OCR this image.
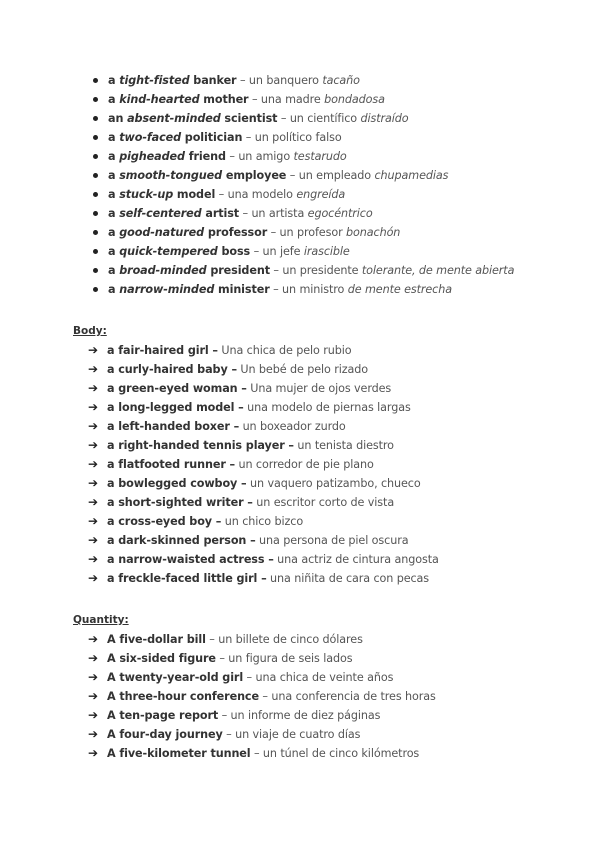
a tight-fisted banker – un banquero tacaño
a kind-hearted mother – una madre bondadosa
an absent-minded scientist – un científico distraído
a two-faced politician – un político falso
a pigheaded friend – un amigo testarudo
a smooth-tongued employee – un empleado chupamedias
a stuck-up model – una modelo engreída
a self-centered artist – un artista egocéntrico
a good-natured professor – un profesor bonachón
a quick-tempered boss – un jefe irascible
a broad-minded president – un presidente tolerante, de mente abierta
a narrow-minded minister – un ministro de mente estrecha
Body:
➔ a fair-haired girl – Una chica de pelo rubio
➔ a curly-haired baby – Un bebé de pelo rizado
➔ a green-eyed woman – Una mujer de ojos verdes
➔ a long-legged model – una modelo de piernas largas
➔ a left-handed boxer – un boxeador zurdo
➔ a right-handed tennis player – un tenista diestro
➔ a flatfooted runner – un corredor de pie plano
➔ a bowlegged cowboy – un vaquero patizambo, chueco
➔ a short-sighted writer – un escritor corto de vista
➔ a cross-eyed boy – un chico bizco
➔ a dark-skinned person – una persona de piel oscura
➔ a narrow-waisted actress – una actriz de cintura angosta
➔ a freckle-faced little girl – una niñita de cara con pecas
Quantity:
➔ A five-dollar bill – un billete de cinco dólares
➔ A six-sided figure – un figura de seis lados
➔ A twenty-year-old girl – una chica de veinte años
➔ A three-hour conference – una conferencia de tres horas
➔ A ten-page report – un informe de diez páginas
➔ A four-day journey – un viaje de cuatro días
➔ A five-kilometer tunnel – un túnel de cinco kilómetros
